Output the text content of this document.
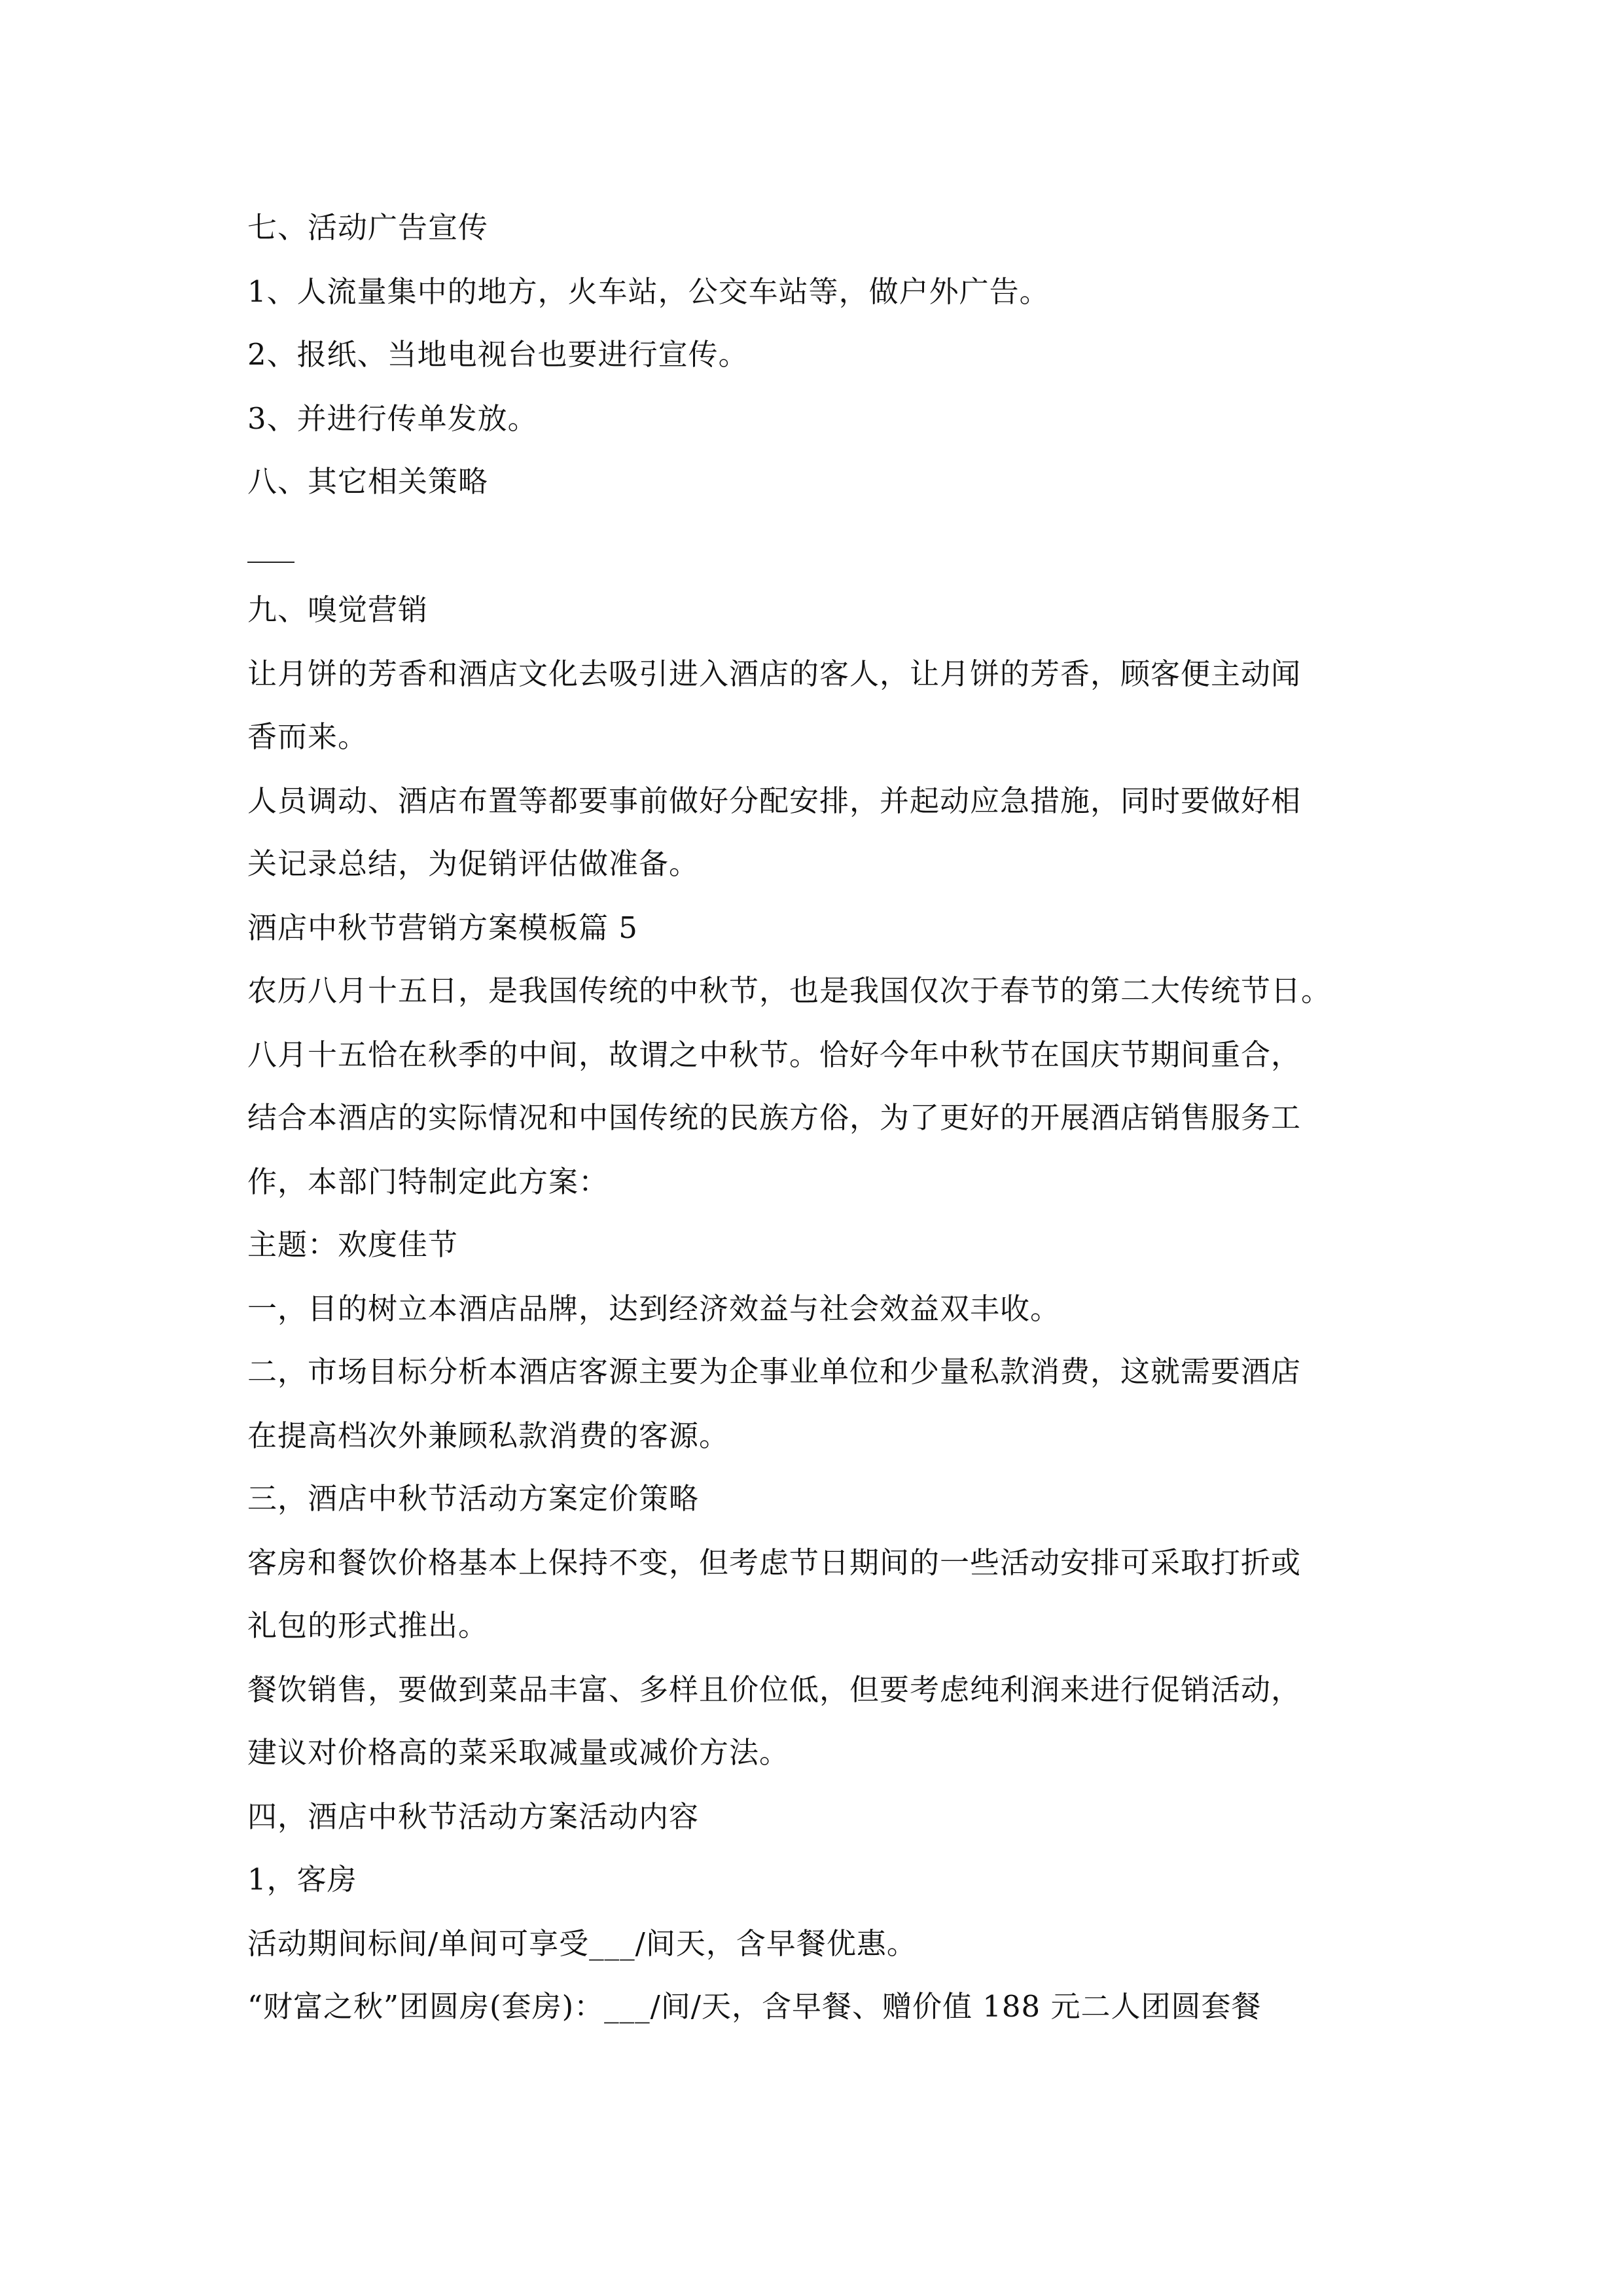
七、活动广告宣传
1、人流量集中的地方，火车站，公交车站等，做户外广告。
2、报纸、当地电视台也要进行宣传。
3、并进行传单发放。
八、其它相关策略
九、嗅觉营销
让月饼的芳香和酒店文化去吸引进入酒店的客人，让月饼的芳香，顾客便主动闻
香而来。
人员调动、酒店布置等都要事前做好分配安排，并起动应急措施，同时要做好相
关记录总结，为促销评估做准备。
酒店中秋节营销方案模板篇 5
农历八月十五日，是我国传统的中秋节，也是我国仅次于春节的第二大传统节日。
八月十五恰在秋季的中间，故谓之中秋节。恰好今年中秋节在国庆节期间重合，
结合本酒店的实际情况和中国传统的民族方俗，为了更好的开展酒店销售服务工
作，本部门特制定此方案：
主题：欢度佳节
一，目的树立本酒店品牌，达到经济效益与社会效益双丰收。
二，市场目标分析本酒店客源主要为企事业单位和少量私款消费，这就需要酒店
在提高档次外兼顾私款消费的客源。
三，酒店中秋节活动方案定价策略
客房和餐饮价格基本上保持不变，但考虑节日期间的一些活动安排可采取打折或
礼包的形式推出。
餐饮销售，要做到菜品丰富、多样且价位低，但要考虑纯利润来进行促销活动，
建议对价格高的菜采取减量或减价方法。
四，酒店中秋节活动方案活动内容
1，客房
活动期间标间/单间可享受___/间天，含早餐优惠。
“财富之秋”团圆房(套房)：___/间/天，含早餐、赠价值 188 元二人团圆套餐
